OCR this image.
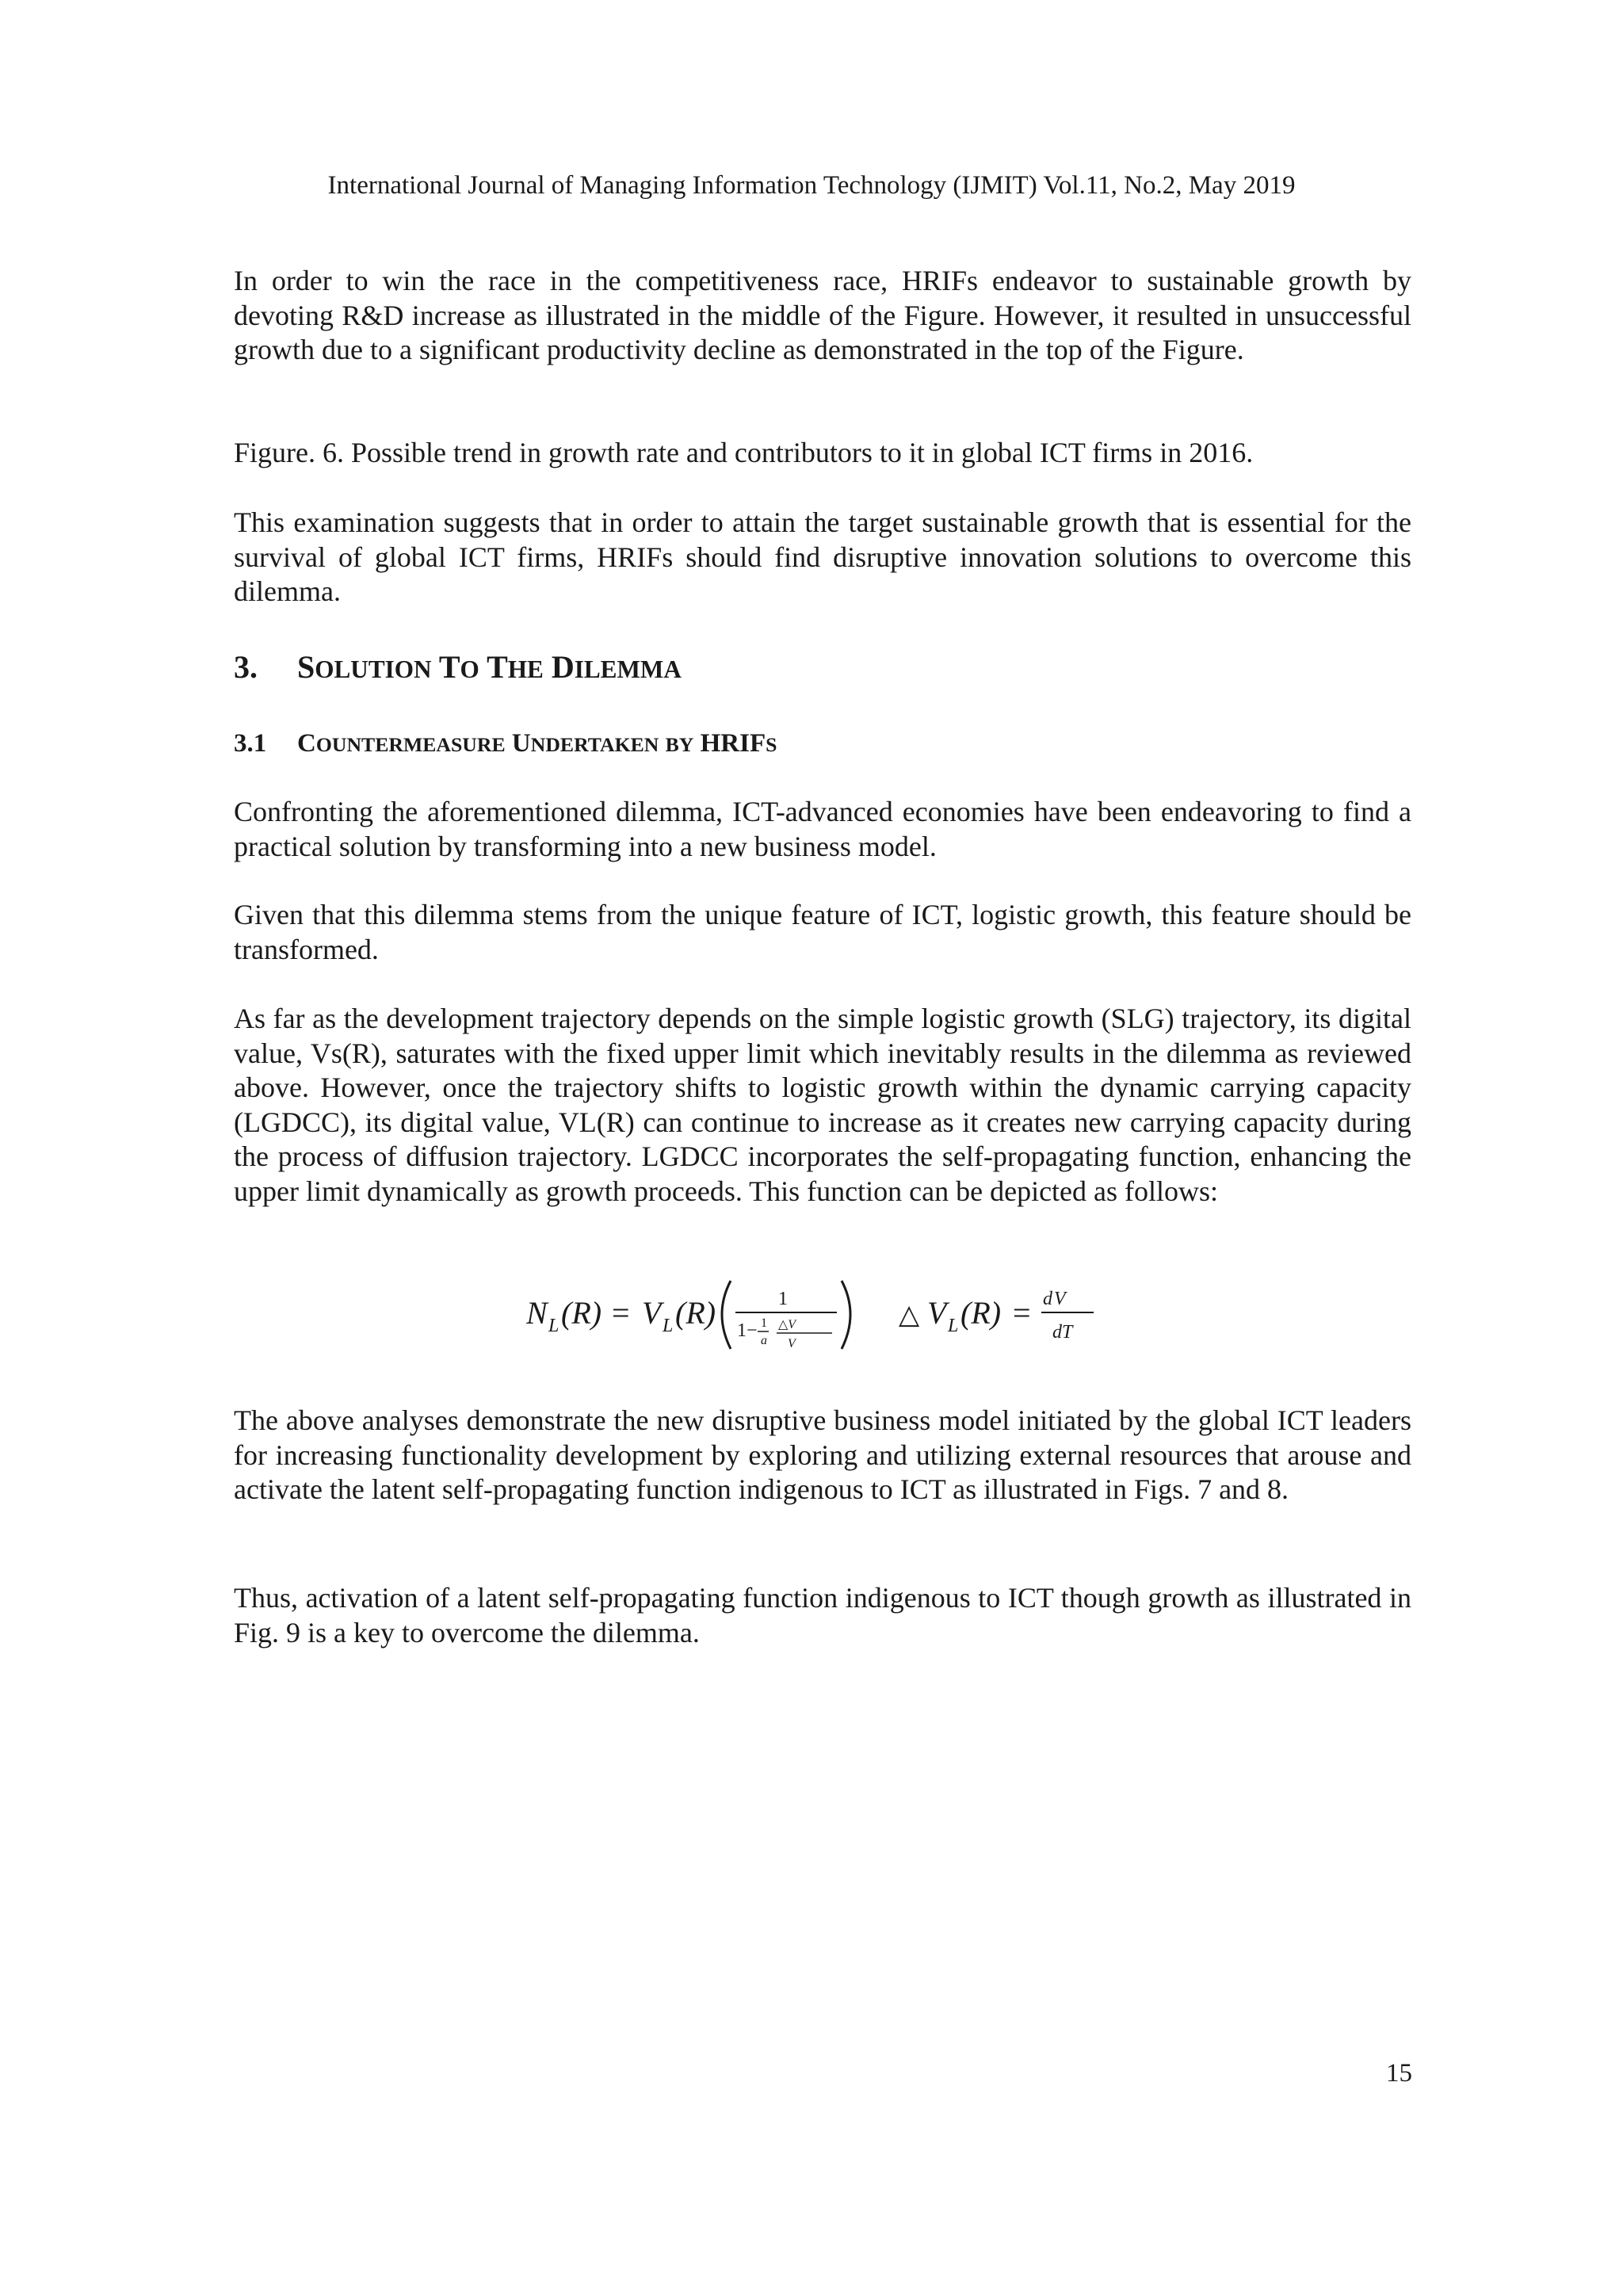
International Journal of Managing Information Technology (IJMIT) Vol.11, No.2, May 2019

In order to win the race in the competitiveness race, HRIFs endeavor to sustainable growth by devoting R&D increase as illustrated in the middle of the Figure. However, it resulted in unsuccessful growth due to a significant productivity decline as demonstrated in the top of the Figure.

Figure. 6. Possible trend in growth rate and contributors to it in global ICT firms in 2016.

This examination suggests that in order to attain the target sustainable growth that is essential for the survival of global ICT firms, HRIFs should find disruptive innovation solutions to overcome this dilemma.

3. SOLUTION TO THE DILEMMA
3.1 COUNTERMEASURE UNDERTAKEN BY HRIFS

Confronting the aforementioned dilemma, ICT-advanced economies have been endeavoring to find a practical solution by transforming into a new business model.

Given that this dilemma stems from the unique feature of ICT, logistic growth, this feature should be transformed.

As far as the development trajectory depends on the simple logistic growth (SLG) trajectory, its digital value, Vs(R), saturates with the fixed upper limit which inevitably results in the dilemma as reviewed above. However, once the trajectory shifts to logistic growth within the dynamic carrying capacity (LGDCC), its digital value, VL(R) can continue to increase as it creates new carrying capacity during the process of diffusion trajectory. LGDCC incorporates the self-propagating function, enhancing the upper limit dynamically as growth proceeds. This function can be depicted as follows:

N L (R) = V L (R)	1
1− 1
a
△V
V
△ V L (R) = d V
dT

The above analyses demonstrate the new disruptive business model initiated by the global ICT leaders for increasing functionality development by exploring and utilizing external resources that arouse and activate the latent self-propagating function indigenous to ICT as illustrated in Figs. 7 and 8.

Thus, activation of a latent self-propagating function indigenous to ICT though growth as illustrated in Fig. 9 is a key to overcome the dilemma.

15
